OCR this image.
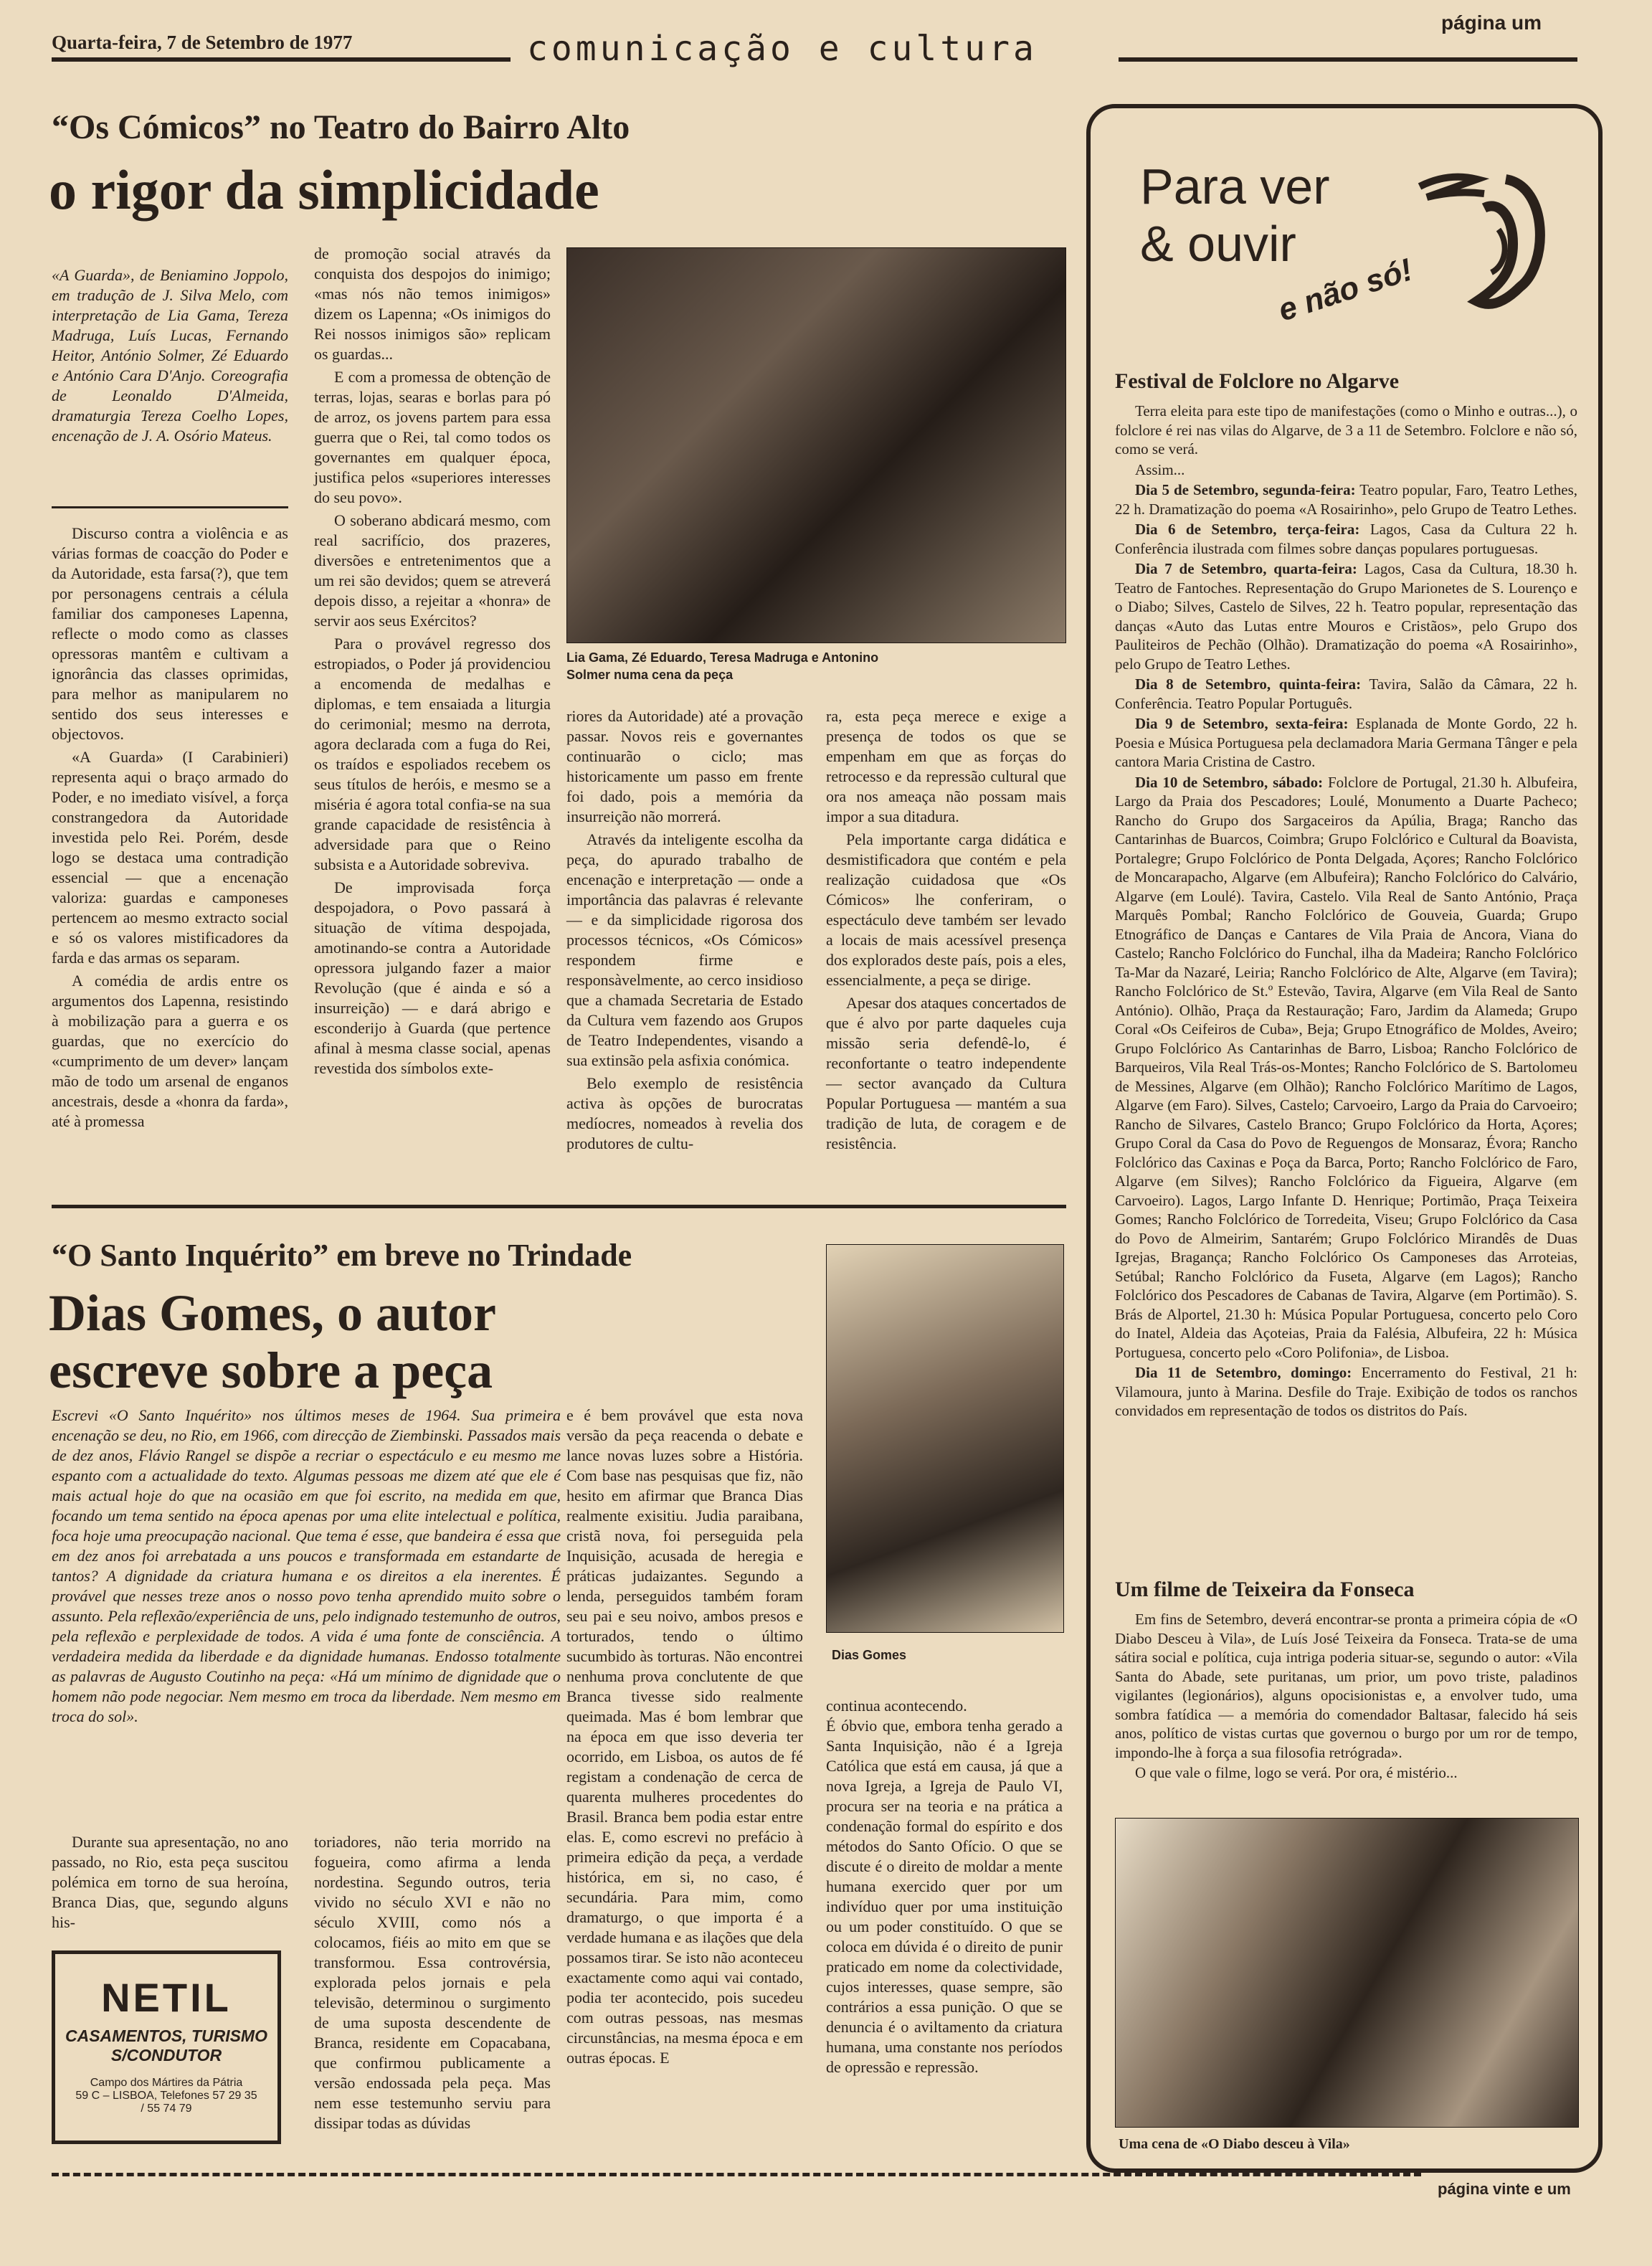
Quarta-feira, 7 de Setembro de 1977	comunicação e cultura
página um
“Os Cómicos” no Teatro do Bairro Alto
o rigor da simplicidade
«A Guarda», de Beniamino Joppolo, em tradução de J. Silva Melo, com interpretação de Lia Gama, Tereza Madruga, Luís Lucas, Fernando Heitor, António Solmer, Zé Eduardo e António Cara D'Anjo. Coreografia de Leonaldo D'Almeida, dramaturgia Tereza Coelho Lopes, encenação de J. A. Osório Mateus.

Discurso contra a violência e as várias formas de coacção do Poder e da Autoridade, esta farsa(?), que tem por personagens centrais a célula familiar dos camponeses Lapenna, reflecte o modo como as classes opressoras mantêm e cultivam a ignorância das classes oprimidas, para melhor as manipularem no sentido dos seus interesses e objectovos.

«A Guarda» (I Carabinieri) representa aqui o braço armado do Poder, e no imediato visível, a força constrangedora da Autoridade investida pelo Rei. Porém, desde logo se destaca uma contradição essencial — que a encenação valoriza: guardas e camponeses pertencem ao mesmo extracto social e só os valores mistificadores da farda e das armas os separam.

A comédia de ardis entre os argumentos dos Lapenna, resistindo à mobilização para a guerra e os guardas, que no exercício do «cumprimento de um dever» lançam mão de todo um arsenal de enganos ancestrais, desde a «honra da farda», até à promessa

de promoção social através da conquista dos despojos do inimigo; «mas nós não temos inimigos» dizem os Lapenna; «Os inimigos do Rei nossos inimigos são» replicam os guardas...

E com a promessa de obtenção de terras, lojas, searas e borlas para pó de arroz, os jovens partem para essa guerra que o Rei, tal como todos os governantes em qualquer época, justifica pelos «superiores interesses do seu povo».

O soberano abdicará mesmo, com real sacrifício, dos prazeres, diversões e entretenimentos que a um rei são devidos; quem se atreverá depois disso, a rejeitar a «honra» de servir aos seus Exércitos?

Para o provável regresso dos estropiados, o Poder já providenciou a encomenda de medalhas e diplomas, e tem ensaiada a liturgia do cerimonial; mesmo na derrota, agora declarada com a fuga do Rei, os traídos e espoliados recebem os seus títulos de heróis, e mesmo se a miséria é agora total confia-se na sua grande capacidade de resistência à adversidade para que o Reino subsista e a Autoridade sobreviva.

De improvisada força despojadora, o Povo passará à situação de vítima despojada, amotinando-se contra a Autoridade opressora julgando fazer a maior Revolução (que é ainda e só a insurreição) — e dará abrigo e esconderijo à Guarda (que pertence afinal à mesma classe social, apenas revestida dos símbolos exte-

Lia Gama, Zé Eduardo, Teresa Madruga e Antonino Solmer numa cena da peça

riores da Autoridade) até a provação passar. Novos reis e governantes continuarão o ciclo; mas historicamente um passo em frente foi dado, pois a memória da insurreição não morrerá.

Através da inteligente escolha da peça, do apurado trabalho de encenação e interpretação — onde a importância das palavras é relevante — e da simplicidade rigorosa dos processos técnicos, «Os Cómicos» respondem firme e responsàvelmente, ao cerco insidioso que a chamada Secretaria de Estado da Cultura vem fazendo aos Grupos de Teatro Independentes, visando a sua extinsão pela asfixia conómica.

Belo exemplo de resistência activa às opções de burocratas medíocres, nomeados à revelia dos produtores de cultu-

ra, esta peça merece e exige a presença de todos os que se empenham em que as forças do retrocesso e da repressão cultural que ora nos ameaça não possam mais impor a sua ditadura.

Pela importante carga didática e desmistificadora que contém e pela realização cuidadosa que «Os Cómicos» lhe conferiram, o espectáculo deve também ser levado a locais de mais acessível presença dos explorados deste país, pois a eles, essencialmente, a peça se dirige.

Apesar dos ataques concertados de que é alvo por parte daqueles cuja missão seria defendê-lo, é reconfortante o teatro independente — sector avançado da Cultura Popular Portuguesa — mantém a sua tradição de luta, de coragem e de resistência.

“O Santo Inquérito” em breve no Trindade
Dias Gomes, o autor
escreve sobre a peça
Dias Gomes
Escrevi «O Santo Inquérito» nos últimos meses de 1964. Sua primeira encenação se deu, no Rio, em 1966, com direcção de Ziembinski. Passados mais de dez anos, Flávio Rangel se dispõe a recriar o espectáculo e eu mesmo me espanto com a actualidade do texto. Algumas pessoas me dizem até que ele é mais actual hoje do que na ocasião em que foi escrito, na medida em que, focando um tema sentido na época apenas por uma elite intelectual e política, foca hoje uma preocupação nacional. Que tema é esse, que bandeira é essa que em dez anos foi arrebatada a uns poucos e transformada em estandarte de tantos? A dignidade da criatura humana e os direitos a ela inerentes. É provável que nesses treze anos o nosso povo tenha aprendido muito sobre o assunto. Pela reflexão/experiência de uns, pelo indignado testemunho de outros, pela reflexão e perplexidade de todos. A vida é uma fonte de consciência. A verdadeira medida da liberdade e da dignidade humanas. Endosso totalmente as palavras de Augusto Coutinho na peça: «Há um mínimo de dignidade que o homem não pode negociar. Nem mesmo em troca da liberdade. Nem mesmo em troca do sol».
Durante sua apresentação, no ano passado, no Rio, esta peça suscitou polémica em torno de sua heroína, Branca Dias, que, segundo alguns his-
NETIL
CASAMENTOS, TURISMO
S/CONDUTOR
Campo dos Mártires da Pátria
59 C – LISBOA, Telefones 57 29 35
/ 55 74 79
toriadores, não teria morrido na fogueira, como afirma a lenda nordestina. Segundo outros, teria vivido no século XVI e não no século XVIII, como nós a colocamos, fiéis ao mito em que se transformou. Essa controvérsia, explorada pelos jornais e pela televisão, determinou o surgimento de uma suposta descendente de Branca, residente em Copacabana, que confirmou publicamente a versão endossada pela peça. Mas nem esse testemunho serviu para dissipar todas as dúvidas
e é bem provável que esta nova versão da peça reacenda o debate e lance novas luzes sobre a História. Com base nas pesquisas que fiz, não hesito em afirmar que Branca Dias realmente exisitiu. Judia paraibana, cristã nova, foi perseguida pela Inquisição, acusada de heregia e práticas judaizantes. Segundo a lenda, perseguidos também foram seu pai e seu noivo, ambos presos e torturados, tendo o último sucumbido às torturas. Não encontrei nenhuma prova conclutente de que Branca tivesse sido realmente queimada. Mas é bom lembrar que na época em que isso deveria ter ocorrido, em Lisboa, os autos de fé registam a condenação de cerca de quarenta mulheres procedentes do Brasil. Branca bem podia estar entre elas. E, como escrevi no prefácio à primeira edição da peça, a verdade histórica, em si, no caso, é secundária. Para mim, como dramaturgo, o que importa é a verdade humana e as ilações que dela possamos tirar. Se isto não aconteceu exactamente como aqui vai contado, podia ter acontecido, pois sucedeu com outras pessoas, nas mesmas circunstâncias, na mesma época e em outras épocas. E
continua acontecendo.
É óbvio que, embora tenha gerado a Santa Inquisição, não é a Igreja Católica que está em causa, já que a nova Igreja, a Igreja de Paulo VI, procura ser na teoria e na prática a condenação formal do espírito e dos métodos do Santo Ofício. O que se discute é o direito de moldar a mente humana exercido quer por um indivíduo quer por uma instituição ou um poder constituído. O que se coloca em dúvida é o direito de punir praticado em nome da colectividade, cujos interesses, quase sempre, são contrários a essa punição. O que se denuncia é o aviltamento da criatura humana, uma constante nos períodos de opressão e repressão.
Para ver
& ouvir
e não só!
Festival de Folclore no Algarve

Terra eleita para este tipo de manifestações (como o Minho e outras...), o folclore é rei nas vilas do Algarve, de 3 a 11 de Setembro. Folclore e não só, como se verá.

Assim...

Dia 5 de Setembro, segunda-feira: Teatro popular, Faro, Teatro Lethes, 22 h. Dramatização do poema «A Rosairinho», pelo Grupo de Teatro Lethes.

Dia 6 de Setembro, terça-feira: Lagos, Casa da Cultura 22 h. Conferência ilustrada com filmes sobre danças populares portuguesas.

Dia 7 de Setembro, quarta-feira: Lagos, Casa da Cultura, 18.30 h. Teatro de Fantoches. Representação do Grupo Marionetes de S. Lourenço e o Diabo; Silves, Castelo de Silves, 22 h. Teatro popular, representação das danças «Auto das Lutas entre Mouros e Cristãos», pelo Grupo dos Pauliteiros de Pechão (Olhão). Dramatização do poema «A Rosairinho», pelo Grupo de Teatro Lethes.

Dia 8 de Setembro, quinta-feira: Tavira, Salão da Câmara, 22 h. Conferência. Teatro Popular Português.

Dia 9 de Setembro, sexta-feira: Esplanada de Monte Gordo, 22 h. Poesia e Música Portuguesa pela declamadora Maria Germana Tânger e pela cantora Maria Cristina de Castro.

Dia 10 de Setembro, sábado: Folclore de Portugal, 21.30 h. Albufeira, Largo da Praia dos Pescadores; Loulé, Monumento a Duarte Pacheco; Rancho do Grupo dos Sargaceiros da Apúlia, Braga; Rancho das Cantarinhas de Buarcos, Coimbra; Grupo Folclórico e Cultural da Boavista, Portalegre; Grupo Folclórico de Ponta Delgada, Açores; Rancho Folclórico de Moncarapacho, Algarve (em Albufeira); Rancho Folclórico do Calvário, Algarve (em Loulé). Tavira, Castelo. Vila Real de Santo António, Praça Marquês Pombal; Rancho Folclórico de Gouveia, Guarda; Grupo Etnográfico de Danças e Cantares de Vila Praia de Ancora, Viana do Castelo; Rancho Folclórico do Funchal, ilha da Madeira; Rancho Folclórico Ta-Mar da Nazaré, Leiria; Rancho Folclórico de Alte, Algarve (em Tavira); Rancho Folclórico de St.º Estevão, Tavira, Algarve (em Vila Real de Santo António). Olhão, Praça da Restauração; Faro, Jardim da Alameda; Grupo Coral «Os Ceifeiros de Cuba», Beja; Grupo Etnográfico de Moldes, Aveiro; Grupo Folclórico As Cantarinhas de Barro, Lisboa; Rancho Folclórico de Barqueiros, Vila Real Trás-os-Montes; Rancho Folclórico de S. Bartolomeu de Messines, Algarve (em Olhão); Rancho Folclórico Marítimo de Lagos, Algarve (em Faro). Silves, Castelo; Carvoeiro, Largo da Praia do Carvoeiro; Rancho de Silvares, Castelo Branco; Grupo Folclórico da Horta, Açores; Grupo Coral da Casa do Povo de Reguengos de Monsaraz, Évora; Rancho Folclórico das Caxinas e Poça da Barca, Porto; Rancho Folclórico de Faro, Algarve (em Silves); Rancho Folclórico da Figueira, Algarve (em Carvoeiro). Lagos, Largo Infante D. Henrique; Portimão, Praça Teixeira Gomes; Rancho Folclórico de Torredeita, Viseu; Grupo Folclórico da Casa do Povo de Almeirim, Santarém; Grupo Folclórico Mirandês de Duas Igrejas, Bragança; Rancho Folclórico Os Camponeses das Arroteias, Setúbal; Rancho Folclórico da Fuseta, Algarve (em Lagos); Rancho Folclórico dos Pescadores de Cabanas de Tavira, Algarve (em Portimão). S. Brás de Alportel, 21.30 h: Música Popular Portuguesa, concerto pelo Coro do Inatel, Aldeia das Açoteias, Praia da Falésia, Albufeira, 22 h: Música Portuguesa, concerto pelo «Coro Polifonia», de Lisboa.

Dia 11 de Setembro, domingo: Encerramento do Festival, 21 h: Vilamoura, junto à Marina. Desfile do Traje. Exibição de todos os ranchos convidados em representação de todos os distritos do País.

Um filme de Teixeira da Fonseca

Em fins de Setembro, deverá encontrar-se pronta a primeira cópia de «O Diabo Desceu à Vila», de Luís José Teixeira da Fonseca. Trata-se de uma sátira social e política, cuja intriga poderia situar-se, segundo o autor: «Vila Santa do Abade, sete puritanas, um prior, um povo triste, paladinos vigilantes (legionários), alguns opocisionistas e, a envolver tudo, uma sombra fatídica — a memória do comendador Baltasar, falecido há seis anos, político de vistas curtas que governou o burgo por um ror de tempo, impondo-lhe à força a sua filosofia retrógrada».

O que vale o filme, logo se verá. Por ora, é mistério...

Uma cena de «O Diabo desceu à Vila»
página vinte e um
